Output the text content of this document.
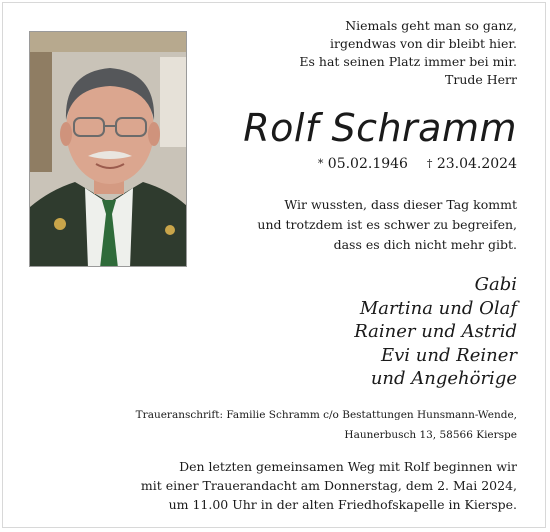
Niemals geht man so ganz,
irgendwas von dir bleibt hier.
Es hat seinen Platz immer bei mir.
Trude Herr
Rolf Schramm
* 05.02.1946 † 23.04.2024
Wir wussten, dass dieser Tag kommt
und trotzdem ist es schwer zu begreifen,
dass es dich nicht mehr gibt.
Gabi
Martina und Olaf
Rainer und Astrid
Evi und Reiner
und Angehörige
Traueranschrift: Familie Schramm c/o Bestattungen Hunsmann-Wende,
Haunerbusch 13, 58566 Kierspe
Den letzten gemeinsamen Weg mit Rolf beginnen wir
mit einer Trauerandacht am Donnerstag, dem 2. Mai 2024,
um 11.00 Uhr in der alten Friedhofskapelle in Kierspe.
